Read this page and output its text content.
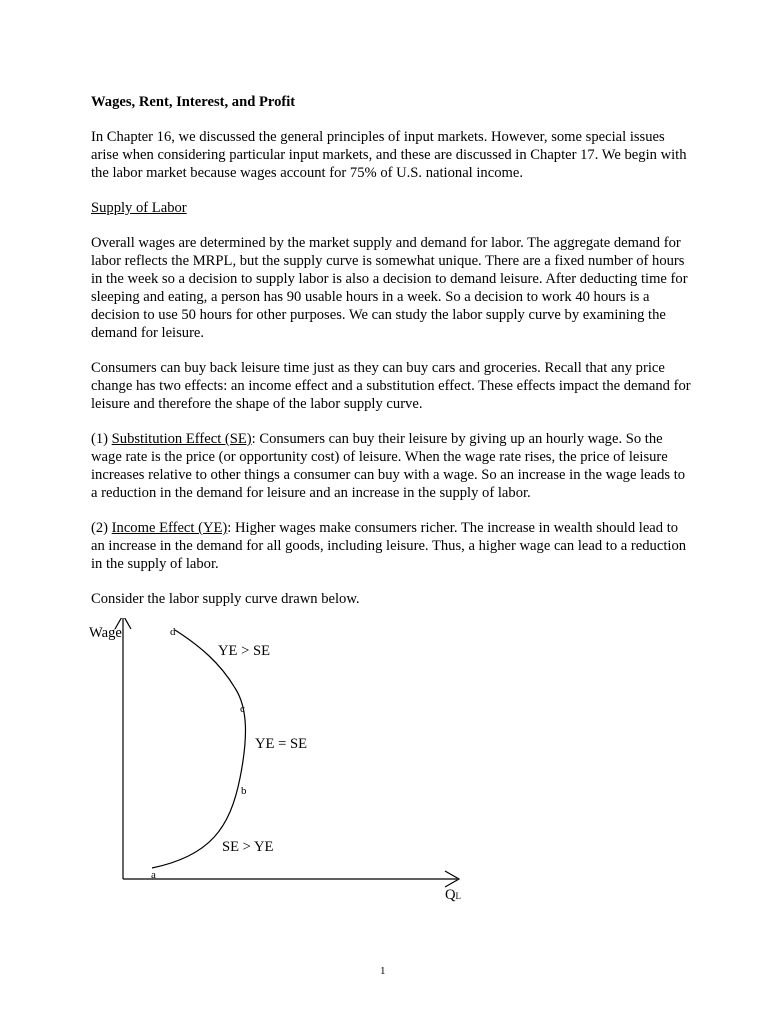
Wages, Rent, Interest, and Profit

In Chapter 16, we discussed the general principles of input markets. However, some special issues arise when considering particular input markets, and these are discussed in Chapter 17. We begin with the labor market because wages account for 75% of U.S. national income.

Supply of Labor

Overall wages are determined by the market supply and demand for labor. The aggregate demand for labor reflects the MRPL, but the supply curve is somewhat unique. There are a fixed number of hours in the week so a decision to supply labor is also a decision to demand leisure. After deducting time for sleeping and eating, a person has 90 usable hours in a week. So a decision to work 40 hours is a decision to use 50 hours for other purposes. We can study the labor supply curve by examining the demand for leisure.

Consumers can buy back leisure time just as they can buy cars and groceries. Recall that any price change has two effects: an income effect and a substitution effect. These effects impact the demand for leisure and therefore the shape of the labor supply curve.

(1) Substitution Effect (SE): Consumers can buy their leisure by giving up an hourly wage. So the wage rate is the price (or opportunity cost) of leisure. When the wage rate rises, the price of leisure increases relative to other things a consumer can buy with a wage. So an increase in the wage leads to a reduction in the demand for leisure and an increase in the supply of labor.

(2) Income Effect (YE): Higher wages make consumers richer. The increase in wealth should lead to an increase in the demand for all goods, including leisure. Thus, a higher wage can lead to a reduction in the supply of labor.

Consider the labor supply curve drawn below.

Wage
QL
d
c
b
a
YE > SE
YE = SE
SE > YE
1
